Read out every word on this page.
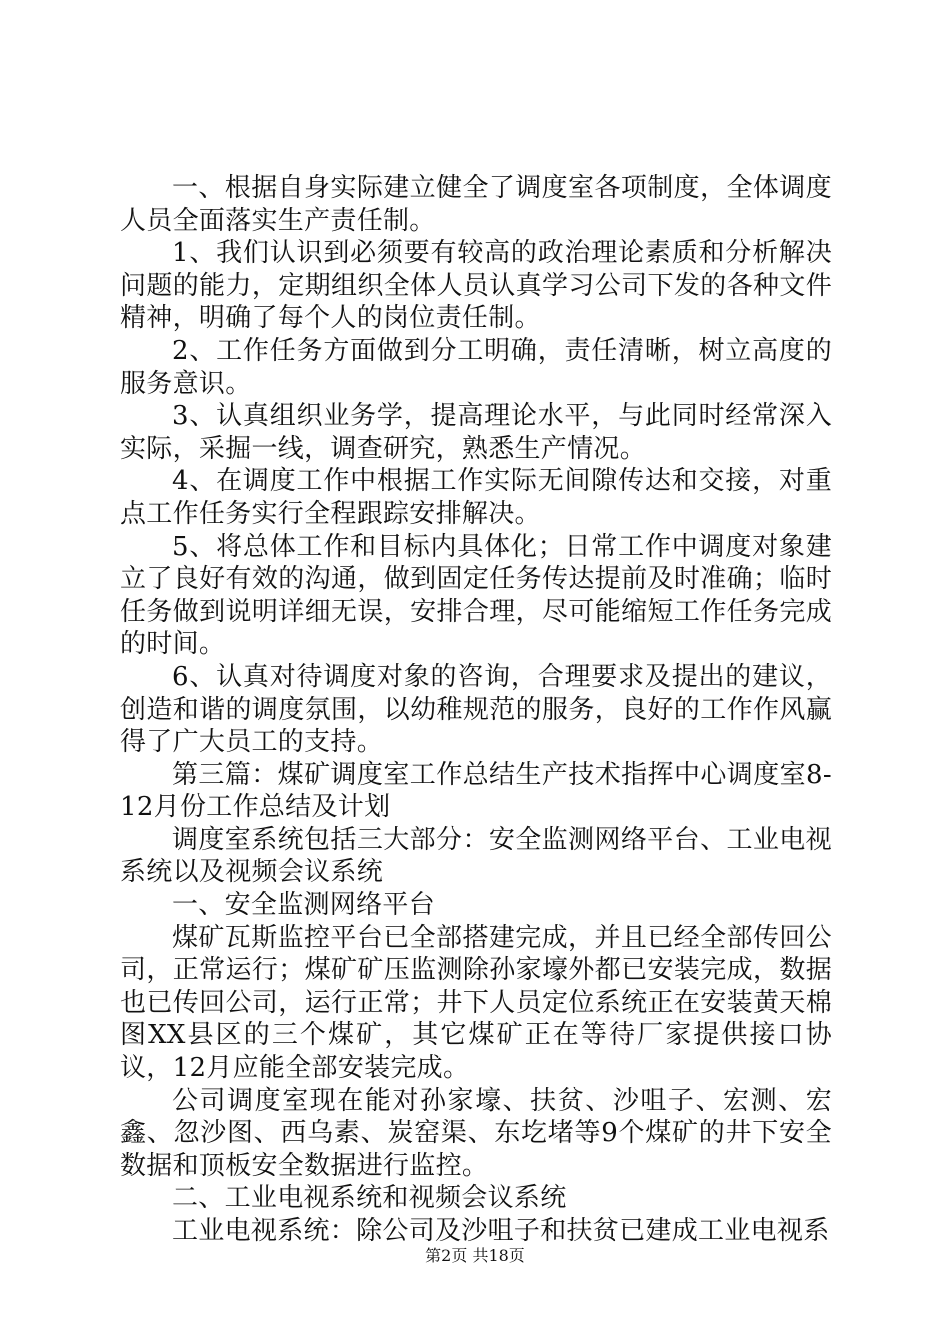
一、根据自身实际建立健全了调度室各项制度，全体调度人员全面落实生产责任制。

1、我们认识到必须要有较高的政治理论素质和分析解决问题的能力，定期组织全体人员认真学习公司下发的各种文件精神，明确了每个人的岗位责任制。

2、工作任务方面做到分工明确，责任清晰，树立高度的服务意识。

3、认真组织业务学，提高理论水平，与此同时经常深入实际，采掘一线，调查研究，熟悉生产情况。

4、在调度工作中根据工作实际无间隙传达和交接，对重点工作任务实行全程跟踪安排解决。

5、将总体工作和目标内具体化；日常工作中调度对象建立了良好有效的沟通，做到固定任务传达提前及时准确；临时任务做到说明详细无误，安排合理，尽可能缩短工作任务完成的时间。

6、认真对待调度对象的咨询，合理要求及提出的建议，创造和谐的调度氛围，以幼稚规范的服务，良好的工作作风赢得了广大员工的支持。

第三篇：煤矿调度室工作总结生产技术指挥中心调度室8-12月份工作总结及计划

调度室系统包括三大部分：安全监测网络平台、工业电视系统以及视频会议系统

一、安全监测网络平台

煤矿瓦斯监控平台已全部搭建完成，并且已经全部传回公司，正常运行；煤矿矿压监测除孙家壕外都已安装完成，数据也已传回公司，运行正常；井下人员定位系统正在安装黄天棉图XX县区的三个煤矿，其它煤矿正在等待厂家提供接口协议，12月应能全部安装完成。

公司调度室现在能对孙家壕、扶贫、沙咀子、宏测、宏鑫、忽沙图、西乌素、炭窑渠、东圪堵等9个煤矿的井下安全数据和顶板安全数据进行监控。

二、工业电视系统和视频会议系统

工业电视系统：除公司及沙咀子和扶贫已建成工业电视系

第2页 共18页
